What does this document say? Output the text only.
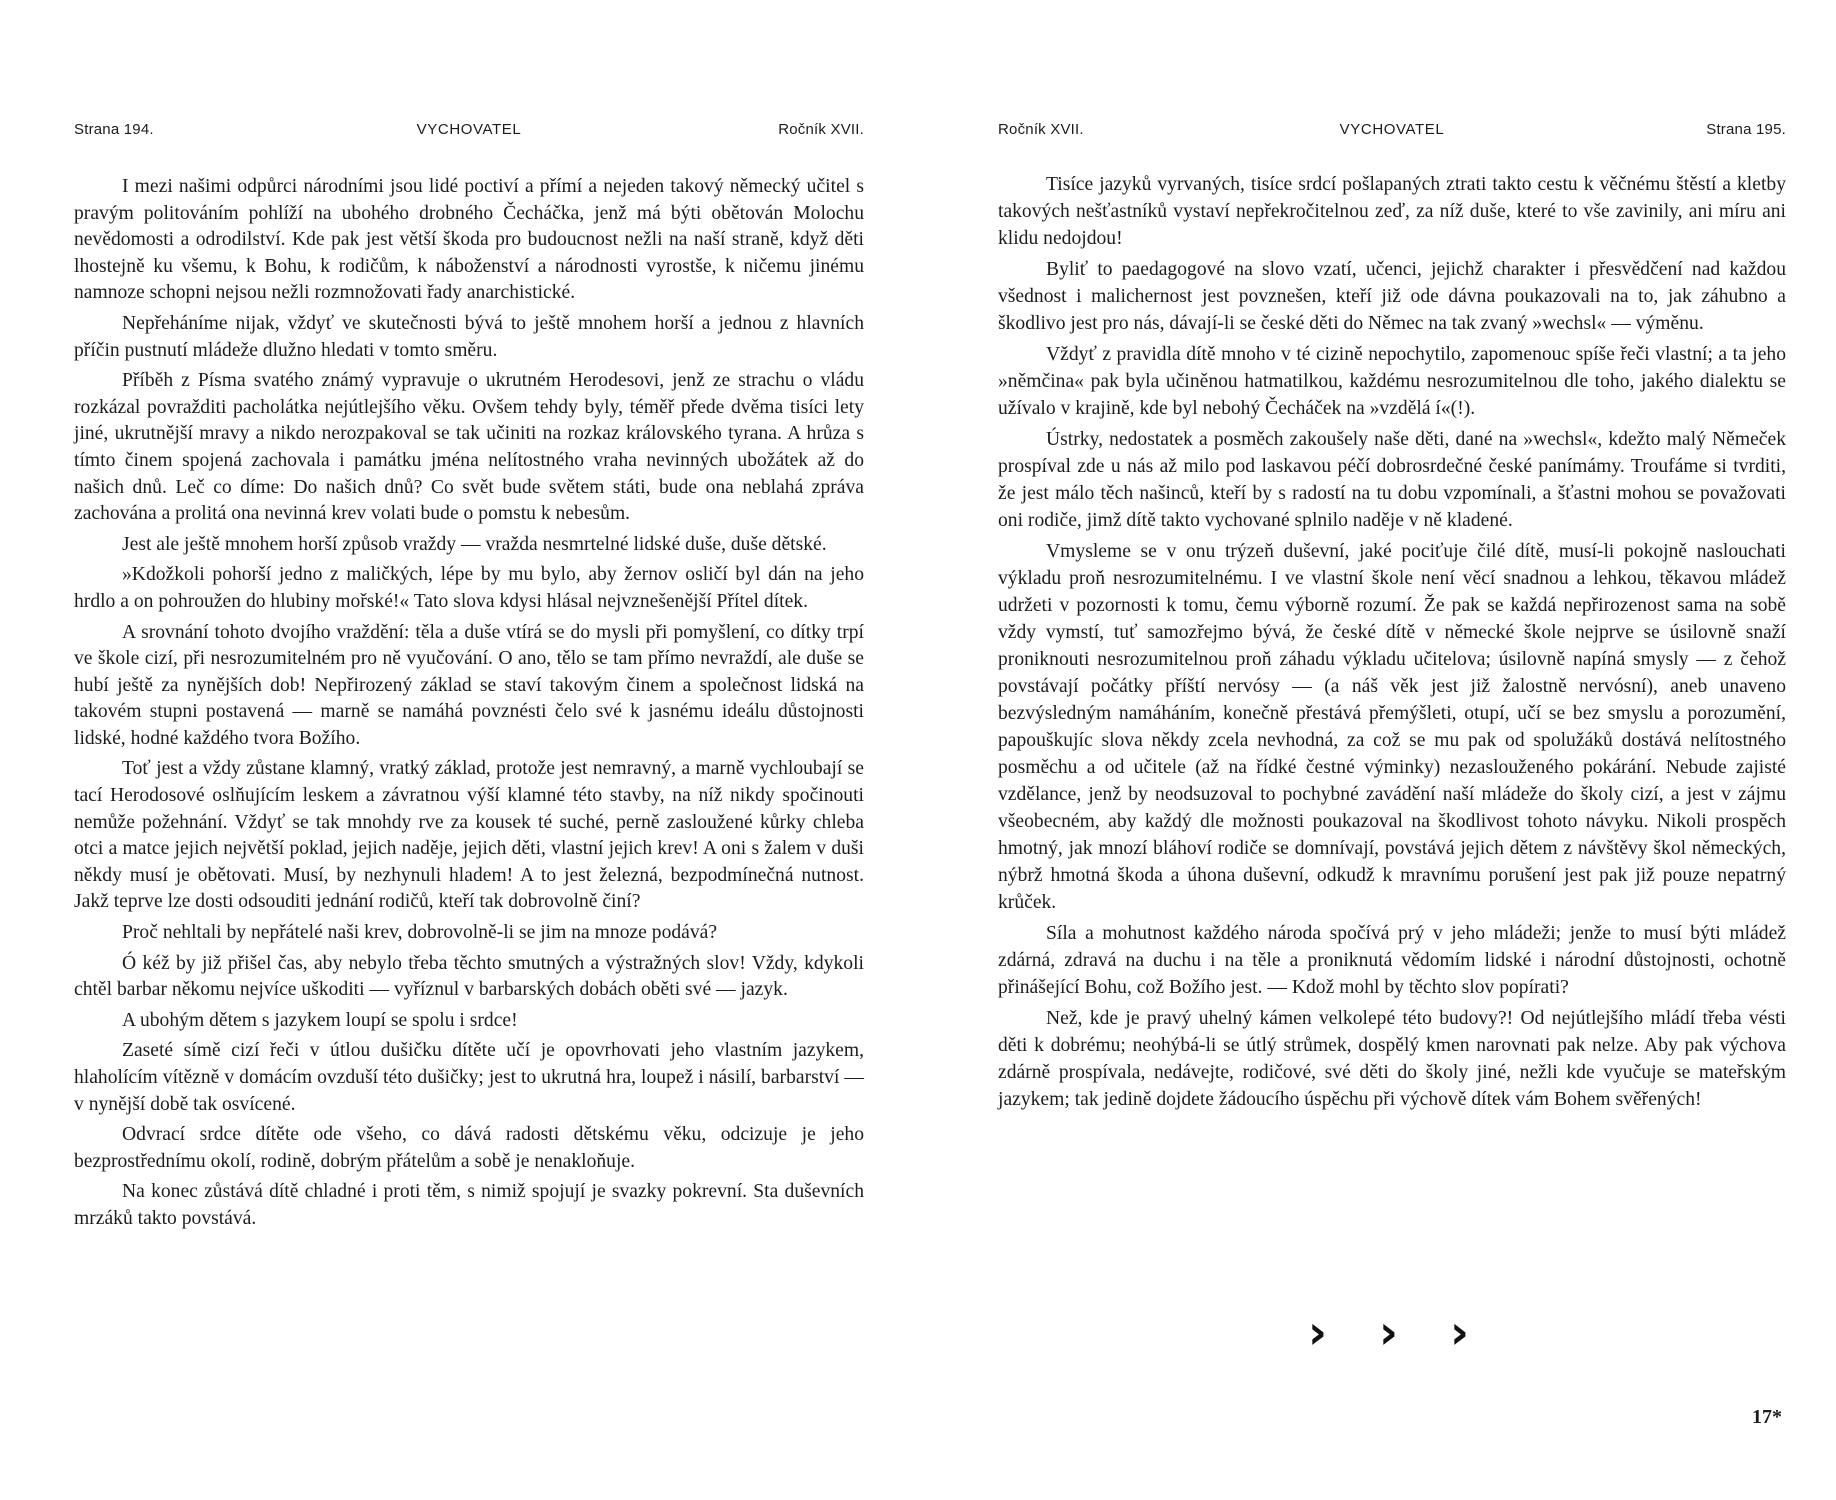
Strana 194.	VYCHOVATEL	Ročník XVII.

I mezi našimi odpůrci národními jsou lidé poctiví a přímí a nejeden takový německý učitel s pravým politováním pohlíží na ubohého drobného Čecháčka, jenž má býti obětován Molochu nevědomosti a odrodilství. Kde pak jest větší škoda pro budoucnost nežli na naší straně, když děti lhostejně ku všemu, k Bohu, k rodičům, k náboženství a národnosti vyrostše, k ničemu jinému namnoze schopni nejsou nežli rozmnožovati řady anarchistické.

Nepřeháníme nijak, vždyť ve skutečnosti bývá to ještě mnohem horší a jednou z hlavních příčin pustnutí mládeže dlužno hledati v tomto směru.

Příběh z Písma svatého známý vypravuje o ukrutném Herodesovi, jenž ze strachu o vládu rozkázal povražditi pacholátka nejútlejšího věku. Ovšem tehdy byly, téměř přede dvěma tisíci lety jiné, ukrutnější mravy a nikdo nerozpakoval se tak učiniti na rozkaz královského tyrana. A hrůza s tímto činem spojená zachovala i památku jména nelítostného vraha nevinných ubožátek až do našich dnů. Leč co díme: Do našich dnů? Co svět bude světem státi, bude ona neblahá zpráva zachována a prolitá ona nevinná krev volati bude o pomstu k nebesům.

Jest ale ještě mnohem horší způsob vraždy — vražda nesmrtelné lidské duše, duše dětské.

»Kdožkoli pohorší jedno z maličkých, lépe by mu bylo, aby žernov osličí byl dán na jeho hrdlo a on pohroužen do hlubiny mořské!« Tato slova kdysi hlásal nejvznešenější Přítel dítek.

A srovnání tohoto dvojího vraždění: těla a duše vtírá se do mysli při pomyšlení, co dítky trpí ve škole cizí, při nesrozumitelném pro ně vyučování. O ano, tělo se tam přímo nevraždí, ale duše se hubí ještě za nynějších dob! Nepřirozený základ se staví takovým činem a společnost lidská na takovém stupni postavená — marně se namáhá povznésti čelo své k jasnému ideálu důstojnosti lidské, hodné každého tvora Božího.

Toť jest a vždy zůstane klamný, vratký základ, protože jest nemravný, a marně vychloubají se tací Herodosové oslňujícím leskem a závratnou výší klamné této stavby, na níž nikdy spočinouti nemůže požehnání. Vždyť se tak mnohdy rve za kousek té suché, perně zasloužené kůrky chleba otci a matce jejich největší poklad, jejich naděje, jejich děti, vlastní jejich krev! A oni s žalem v duši někdy musí je obětovati. Musí, by nezhynuli hladem! A to jest železná, bezpodmínečná nutnost. Jakž teprve lze dosti odsouditi jednání rodičů, kteří tak dobrovolně činí?

Proč nehltali by nepřátelé naši krev, dobrovolně-li se jim na mnoze podává?

Ó kéž by již přišel čas, aby nebylo třeba těchto smutných a výstražných slov! Vždy, kdykoli chtěl barbar někomu nejvíce uškoditi — vyříznul v barbarských dobách oběti své — jazyk.

A ubohým dětem s jazykem loupí se spolu i srdce!

Zaseté símě cizí řeči v útlou dušičku dítěte učí je opovrhovati jeho vlastním jazykem, hlaholícím vítězně v domácím ovzduší této dušičky; jest to ukrutná hra, loupež i násilí, barbarství — v nynější době tak osvícené.

Odvrací srdce dítěte ode všeho, co dává radosti dětskému věku, odcizuje je jeho bezprostřednímu okolí, rodině, dobrým přátelům a sobě je nenakloňuje.

Na konec zůstává dítě chladné i proti těm, s nimiž spojují je svazky pokrevní. Sta duševních mrzáků takto povstává.

Ročník XVII.	VYCHOVATEL	Strana 195.

Tisíce jazyků vyrvaných, tisíce srdcí pošlapaných ztrati takto cestu k věčnému štěstí a kletby takových nešťastníků vystaví nepřekročitelnou zeď, za níž duše, které to vše zavinily, ani míru ani klidu nedojdou!

Byliť to paedagogové na slovo vzatí, učenci, jejichž charakter i přesvědčení nad každou všednost i malichernost jest povznešen, kteří již ode dávna poukazovali na to, jak záhubno a škodlivo jest pro nás, dávají-li se české děti do Němec na tak zvaný »wechsl« — výměnu.

Vždyť z pravidla dítě mnoho v té cizině nepochytilo, zapomenouc spíše řeči vlastní; a ta jeho »němčina« pak byla učiněnou hatmatilkou, každému nesrozumitelnou dle toho, jakého dialektu se užívalo v krajině, kde byl nebohý Čecháček na »vzdělá í«(!).

Ústrky, nedostatek a posměch zakoušely naše děti, dané na »wechsl«, kdežto malý Němeček prospíval zde u nás až milo pod laskavou péčí dobrosrdečné české panímámy. Troufáme si tvrditi, že jest málo těch našinců, kteří by s radostí na tu dobu vzpomínali, a šťastni mohou se považovati oni rodiče, jimž dítě takto vychované splnilo naděje v ně kladené.

Vmysleme se v onu trýzeň duševní, jaké pociťuje čilé dítě, musí-li pokojně naslouchati výkladu proň nesrozumitelnému. I ve vlastní škole není věcí snadnou a lehkou, těkavou mládež udržeti v pozornosti k tomu, čemu výborně rozumí. Že pak se každá nepřirozenost sama na sobě vždy vymstí, tuť samozřejmo bývá, že české dítě v německé škole nejprve se úsilovně snaží proniknouti nesrozumitelnou proň záhadu výkladu učitelova; úsilovně napíná smysly — z čehož povstávají počátky příští nervósy — (a náš věk jest již žalostně nervósní), aneb unaveno bezvýsledným namáháním, konečně přestává přemýšleti, otupí, učí se bez smyslu a porozumění, papouškujíc slova někdy zcela nevhodná, za což se mu pak od spolužáků dostává nelítostného posměchu a od učitele (až na řídké čestné výminky) nezaslouženého pokárání. Nebude zajisté vzdělance, jenž by neodsuzoval to pochybné zavádění naší mládeže do školy cizí, a jest v zájmu všeobecném, aby každý dle možnosti poukazoval na škodlivost tohoto návyku. Nikoli prospěch hmotný, jak mnozí bláhoví rodiče se domnívají, povstává jejich dětem z návštěvy škol německých, nýbrž hmotná škoda a úhona duševní, odkudž k mravnímu porušení jest pak již pouze nepatrný krůček.

Síla a mohutnost každého národa spočívá prý v jeho mládeži; jenže to musí býti mládež zdárná, zdravá na duchu i na těle a proniknutá vědomím lidské i národní důstojnosti, ochotně přinášející Bohu, což Božího jest. — Kdož mohl by těchto slov popírati?

Než, kde je pravý uhelný kámen velkolepé této budovy?! Od nejútlejšího mládí třeba vésti děti k dobrému; neohýbá-li se útlý strůmek, dospělý kmen narovnati pak nelze. Aby pak výchova zdárně prospívala, nedávejte, rodičové, své děti do školy jiné, nežli kde vyučuje se mateřským jazykem; tak jedině dojdete žádoucího úspěchu při výchově dítek vám Bohem svěřených!

› › ›
17*
